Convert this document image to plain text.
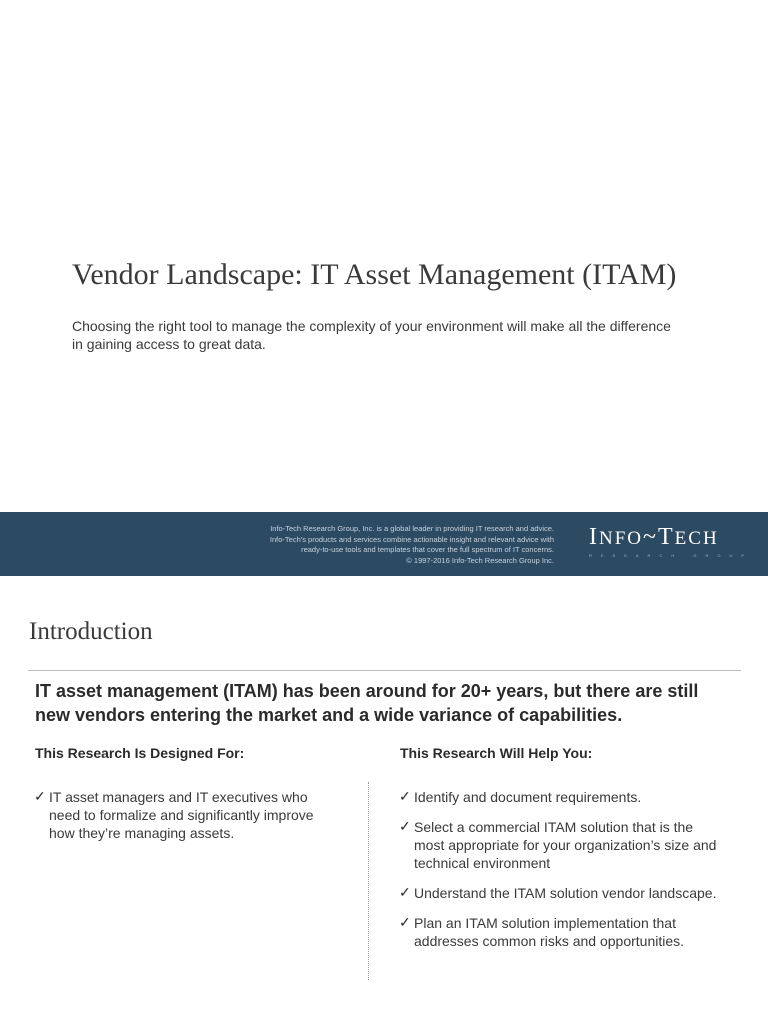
Vendor Landscape: IT Asset Management (ITAM)
Choosing the right tool to manage the complexity of your environment will make all the difference in gaining access to great data.
Info-Tech Research Group, Inc. is a global leader in providing IT research and advice.
Info-Tech's products and services combine actionable insight and relevant advice with
ready-to-use tools and templates that cover the full spectrum of IT concerns.
© 1997-2016 Info-Tech Research Group Inc.
INFO~TECH
RESEARCH GROUP
Introduction
IT asset management (ITAM) has been around for 20+ years, but there are still new vendors entering the market and a wide variance of capabilities.
This Research Is Designed For:	This Research Will Help You:
✓ IT asset managers and IT executives who need to formalize and significantly improve how they’re managing assets.
✓ Identify and document requirements.
✓ Select a commercial ITAM solution that is the most appropriate for your organization’s size and technical environment
✓ Understand the ITAM solution vendor landscape.
✓ Plan an ITAM solution implementation that addresses common risks and opportunities.
